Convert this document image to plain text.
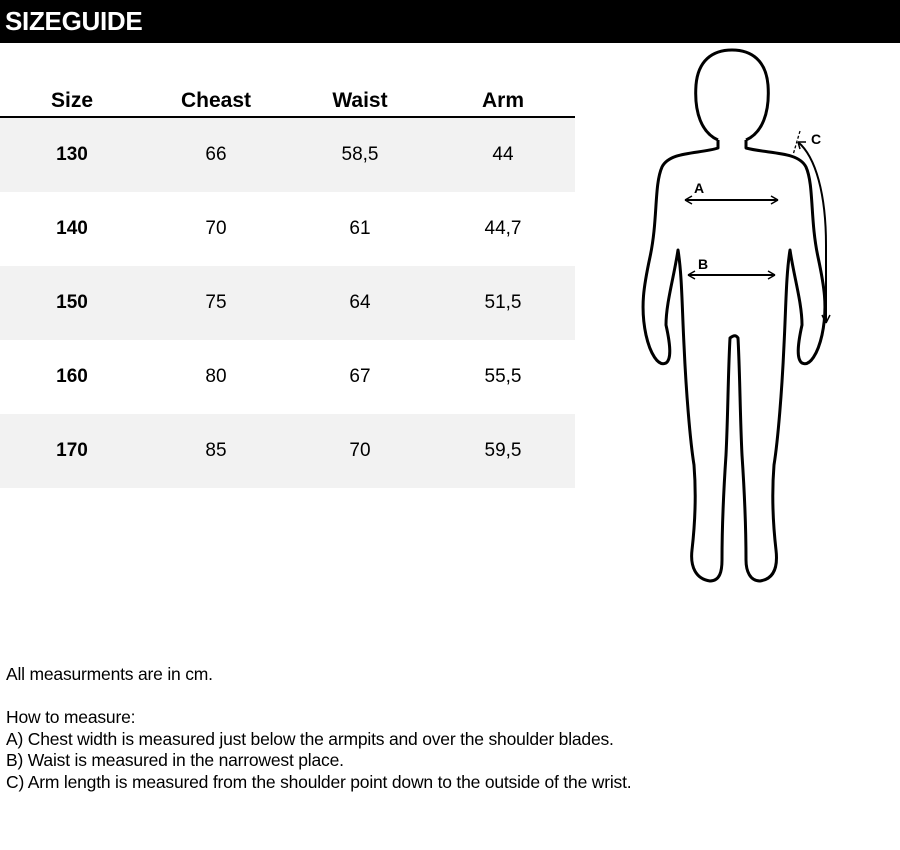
SIZEGUIDE
Size	Cheast	Waist	Arm
130	66	58,5	44
140	70	61	44,7
150	75	64	51,5
160	80	67	55,5
170	85	70	59,5
A
B
C
All measurments are in cm.
How to measure:
A) Chest width is measured just below the armpits and over the shoulder blades.
B) Waist is measured in the narrowest place.
C) Arm length is measured from the shoulder point down to the outside of the wrist.
